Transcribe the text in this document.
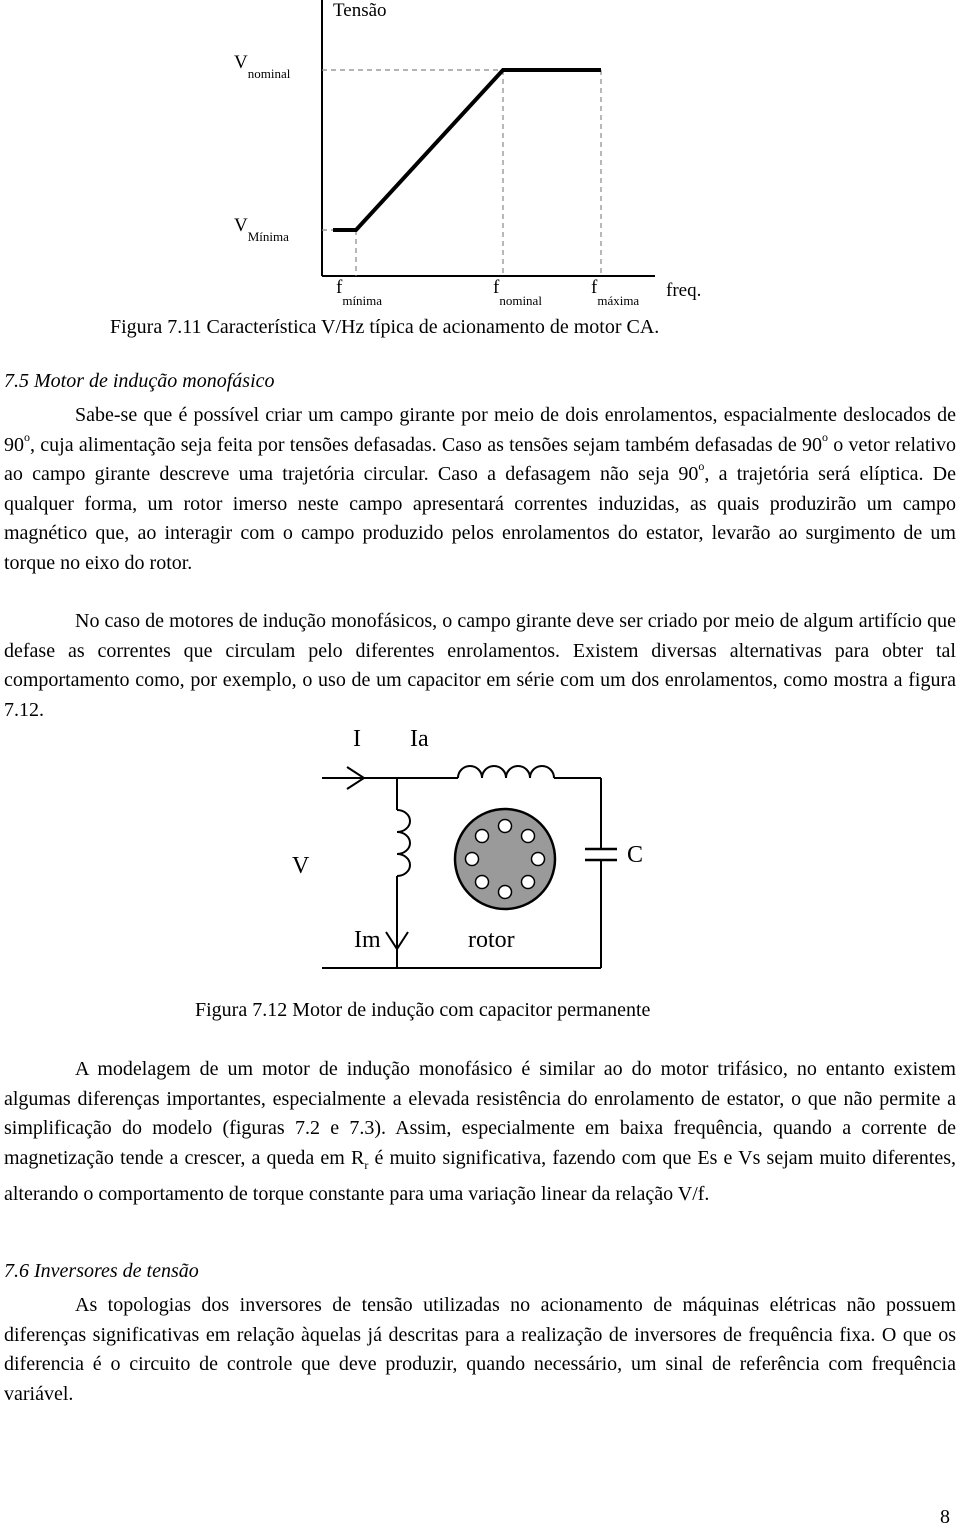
Tensão
$V_{nominal}$
$V_{Mínima}$
$f_{mínima}$
$f_{nominal}$
$f_{máxima}$ freq.
Figura 7.11 Característica V/Hz típica de acionamento de motor CA.
7.5 Motor de indução monofásico

Sabe-se que é possível criar um campo girante por meio de dois enrolamentos, espacialmente deslocados de 90$^o$, cuja alimentação seja feita por tensões defasadas. Caso as tensões sejam também defasadas de 90$^o$ o vetor relativo ao campo girante descreve uma trajetória circular. Caso a defasagem não seja 90$^o$, a trajetória será elíptica. De qualquer forma, um rotor imerso neste campo apresentará correntes induzidas, as quais produzirão um campo magnético que, ao interagir com o campo produzido pelos enrolamentos do estator, levarão ao surgimento de um torque no eixo do rotor.

No caso de motores de indução monofásicos, o campo girante deve ser criado por meio de algum artifício que defase as correntes que circulam pelo diferentes enrolamentos. Existem diversas alternativas para obter tal comportamento como, por exemplo, o uso de um capacitor em série com um dos enrolamentos, como mostra a figura 7.12.

I Ia
V	C
Im	rotor
Figura 7.12 Motor de indução com capacitor permanente

A modelagem de um motor de indução monofásico é similar ao do motor trifásico, no entanto existem algumas diferenças importantes, especialmente a elevada resistência do enrolamento de estator, o que não permite a simplificação do modelo (figuras 7.2 e 7.3). Assim, especialmente em baixa frequência, quando a corrente de magnetização tende a crescer, a queda em $R_r$ é muito significativa, fazendo com que Es e Vs sejam muito diferentes, alterando o comportamento de torque constante para uma variação linear da relação V/f.

7.6 Inversores de tensão

As topologias dos inversores de tensão utilizadas no acionamento de máquinas elétricas não possuem diferenças significativas em relação àquelas já descritas para a realização de inversores de frequência fixa. O que os diferencia é o circuito de controle que deve produzir, quando necessário, um sinal de referência com frequência variável.

8
